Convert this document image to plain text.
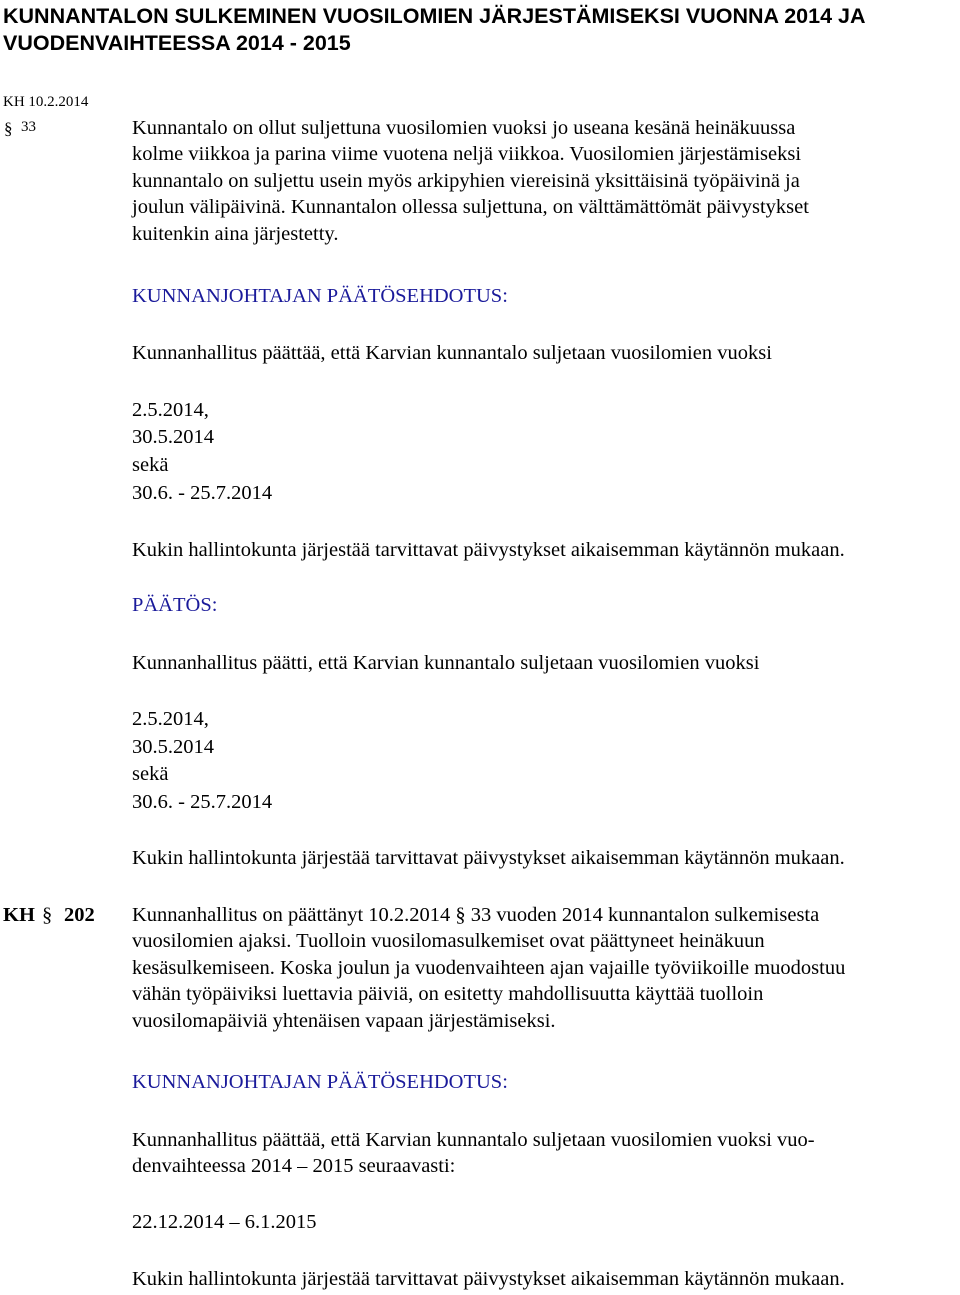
KUNNANTALON SULKEMINEN VUOSILOMIEN JÄRJESTÄMISEKSI VUONNA 2014 JA
VUODENVAIHTEESSA 2014 - 2015
KH 10.2.2014
§ 33	Kunnantalo on ollut suljettuna vuosilomien vuoksi jo useana kesänä heinäkuussa
kolme viikkoa ja parina viime vuotena neljä viikkoa. Vuosilomien järjestämiseksi
kunnantalo on suljettu usein myös arkipyhien viereisinä yksittäisinä työpäivinä ja
joulun välipäivinä. Kunnantalon ollessa suljettuna, on välttämättömät päivystykset
kuitenkin aina järjestetty.
KUNNANJOHTAJAN PÄÄTÖSEHDOTUS:
Kunnanhallitus päättää, että Karvian kunnantalo suljetaan vuosilomien vuoksi
2.5.2014,
30.5.2014
sekä
30.6. - 25.7.2014
Kukin hallintokunta järjestää tarvittavat päivystykset aikaisemman käytännön mukaan.
PÄÄTÖS:
Kunnanhallitus päätti, että Karvian kunnantalo suljetaan vuosilomien vuoksi
2.5.2014,
30.5.2014
sekä
30.6. - 25.7.2014
Kukin hallintokunta järjestää tarvittavat päivystykset aikaisemman käytännön mukaan.
KH § 202 Kunnanhallitus on päättänyt 10.2.2014 § 33 vuoden 2014 kunnantalon sulkemisesta
vuosilomien ajaksi. Tuolloin vuosilomasulkemiset ovat päättyneet heinäkuun
kesäsulkemiseen. Koska joulun ja vuodenvaihteen ajan vajaille työviikoille muodostuu
vähän työpäiviksi luettavia päiviä, on esitetty mahdollisuutta käyttää tuolloin
vuosilomapäiviä yhtenäisen vapaan järjestämiseksi.
KUNNANJOHTAJAN PÄÄTÖSEHDOTUS:
Kunnanhallitus päättää, että Karvian kunnantalo suljetaan vuosilomien vuoksi vuo-
denvaihteessa 2014 – 2015 seuraavasti:
22.12.2014 – 6.1.2015
Kukin hallintokunta järjestää tarvittavat päivystykset aikaisemman käytännön mukaan.
